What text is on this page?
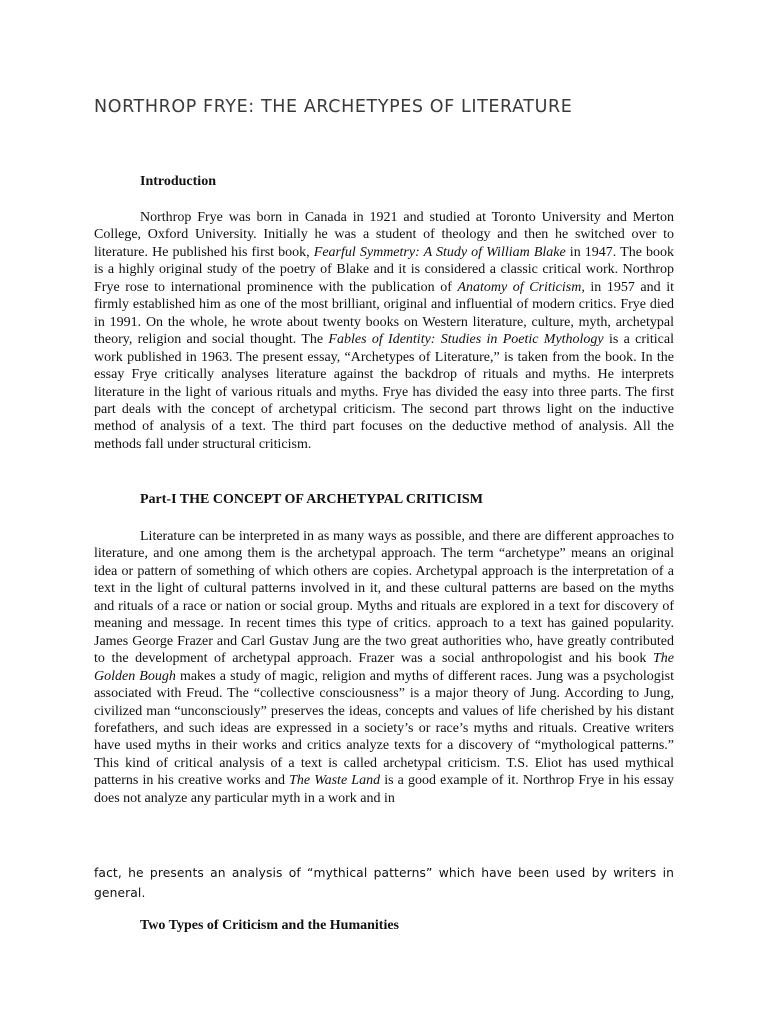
NORTHROP FRYE: THE ARCHETYPES OF LITERATURE
Introduction

Northrop Frye was born in Canada in 1921 and studied at Toronto University and Merton College, Oxford University. Initially he was a student of theology and then he switched over to literature. He published his first book, Fearful Symmetry: A Study of William Blake in 1947. The book is a highly original study of the poetry of Blake and it is considered a classic critical work. Northrop Frye rose to international prominence with the publication of Anatomy of Criticism, in 1957 and it firmly established him as one of the most brilliant, original and influential of modern critics. Frye died in 1991. On the whole, he wrote about twenty books on Western literature, culture, myth, archetypal theory, religion and social thought. The Fables of Identity: Studies in Poetic Mythology is a critical work published in 1963. The present essay, “Archetypes of Literature,” is taken from the book. In the essay Frye critically analyses literature against the backdrop of rituals and myths. He interprets literature in the light of various rituals and myths. Frye has divided the easy into three parts. The first part deals with the concept of archetypal criticism. The second part throws light on the inductive method of analysis of a text. The third part focuses on the deductive method of analysis. All the methods fall under structural criticism.

Part-I THE CONCEPT OF ARCHETYPAL CRITICISM

Literature can be interpreted in as many ways as possible, and there are different approaches to literature, and one among them is the archetypal approach. The term “archetype” means an original idea or pattern of something of which others are copies. Archetypal approach is the interpretation of a text in the light of cultural patterns involved in it, and these cultural patterns are based on the myths and rituals of a race or nation or social group. Myths and rituals are explored in a text for discovery of meaning and message. In recent times this type of critics. approach to a text has gained popularity. James George Frazer and Carl Gustav Jung are the two great authorities who, have greatly contributed to the development of archetypal approach. Frazer was a social anthropologist and his book The Golden Bough makes a study of magic, religion and myths of different races. Jung was a psychologist associated with Freud. The “collective consciousness” is a major theory of Jung. According to Jung, civilized man “unconsciously” preserves the ideas, concepts and values of life cherished by his distant forefathers, and such ideas are expressed in a society’s or race’s myths and rituals. Creative writers have used myths in their works and critics analyze texts for a discovery of “mythological patterns.” This kind of critical analysis of a text is called archetypal criticism. T.S. Eliot has used mythical patterns in his creative works and The Waste Land is a good example of it. Northrop Frye in his essay does not analyze any particular myth in a work and in

fact, he presents an analysis of “mythical patterns” which have been used by writers in general.

Two Types of Criticism and the Humanities
